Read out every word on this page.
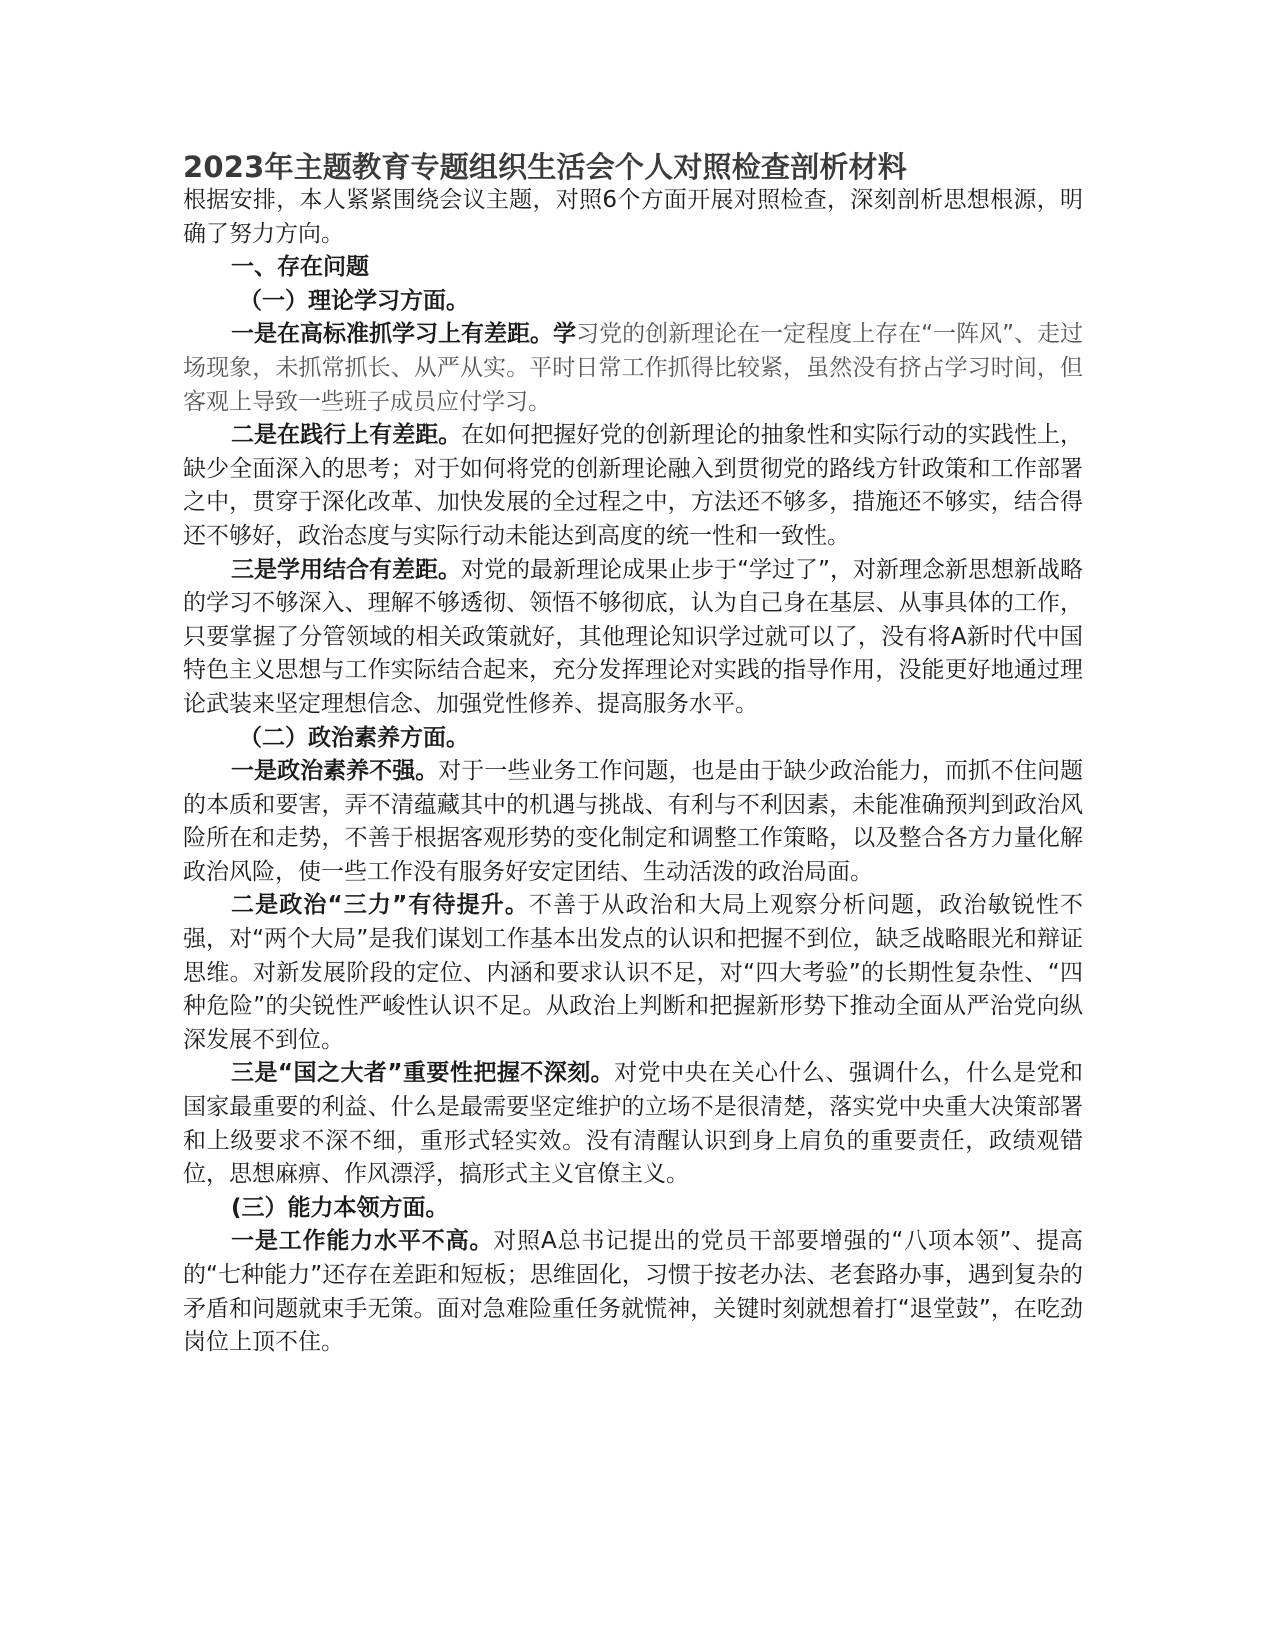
2023年主题教育专题组织生活会个人对照检查剖析材料

根据安排，本人紧紧围绕会议主题，对照6个方面开展对照检查，深刻剖析思想根源，明确了努力方向。

一、存在问题

（一）理论学习方面。

一是在高标准抓学习上有差距。学习党的创新理论在一定程度上存在“一阵风”、走过场现象，未抓常抓长、从严从实。平时日常工作抓得比较紧，虽然没有挤占学习时间，但客观上导致一些班子成员应付学习。

二是在践行上有差距。在如何把握好党的创新理论的抽象性和实际行动的实践性上，缺少全面深入的思考；对于如何将党的创新理论融入到贯彻党的路线方针政策和工作部署之中，贯穿于深化改革、加快发展的全过程之中，方法还不够多，措施还不够实，结合得还不够好，政治态度与实际行动未能达到高度的统一性和一致性。

三是学用结合有差距。对党的最新理论成果止步于“学过了”，对新理念新思想新战略的学习不够深入、理解不够透彻、领悟不够彻底，认为自己身在基层、从事具体的工作，只要掌握了分管领域的相关政策就好，其他理论知识学过就可以了，没有将A新时代中国特色主义思想与工作实际结合起来，充分发挥理论对实践的指导作用，没能更好地通过理论武装来坚定理想信念、加强党性修养、提高服务水平。

（二）政治素养方面。

一是政治素养不强。对于一些业务工作问题，也是由于缺少政治能力，而抓不住问题的本质和要害，弄不清蕴藏其中的机遇与挑战、有利与不利因素，未能准确预判到政治风险所在和走势，不善于根据客观形势的变化制定和调整工作策略，以及整合各方力量化解政治风险，使一些工作没有服务好安定团结、生动活泼的政治局面。

二是政治“三力”有待提升。不善于从政治和大局上观察分析问题，政治敏锐性不强，对“两个大局”是我们谋划工作基本出发点的认识和把握不到位，缺乏战略眼光和辩证思维。对新发展阶段的定位、内涵和要求认识不足，对“四大考验”的长期性复杂性、“四种危险”的尖锐性严峻性认识不足。从政治上判断和把握新形势下推动全面从严治党向纵深发展不到位。

三是“国之大者”重要性把握不深刻。对党中央在关心什么、强调什么，什么是党和国家最重要的利益、什么是最需要坚定维护的立场不是很清楚，落实党中央重大决策部署和上级要求不深不细，重形式轻实效。没有清醒认识到身上肩负的重要责任，政绩观错位，思想麻痹、作风漂浮，搞形式主义官僚主义。

(三）能力本领方面。

一是工作能力水平不高。对照A总书记提出的党员干部要增强的“八项本领”、提高的“七种能力”还存在差距和短板；思维固化，习惯于按老办法、老套路办事，遇到复杂的矛盾和问题就束手无策。面对急难险重任务就慌神，关键时刻就想着打“退堂鼓”，在吃劲岗位上顶不住。
